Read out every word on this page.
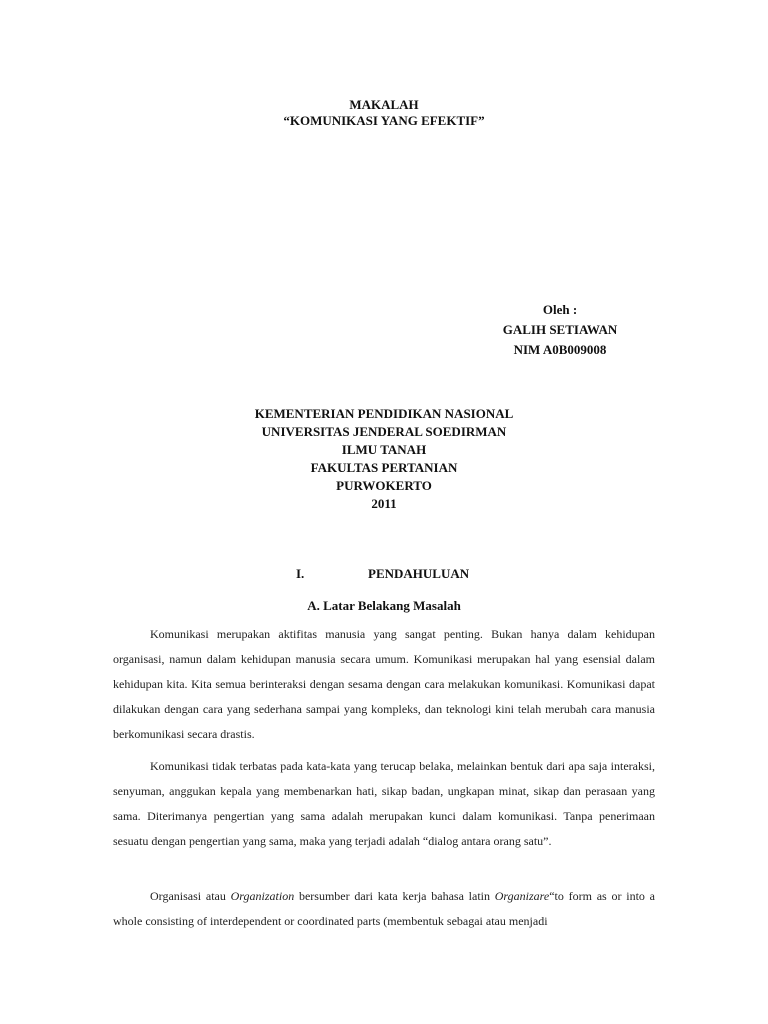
MAKALAH
“KOMUNIKASI YANG EFEKTIF”
Oleh :
GALIH SETIAWAN
NIM A0B009008
KEMENTERIAN PENDIDIKAN NASIONAL
UNIVERSITAS JENDERAL SOEDIRMAN
ILMU TANAH
FAKULTAS PERTANIAN
PURWOKERTO
2011
I.	PENDAHULUAN
A. Latar Belakang Masalah

Komunikasi merupakan aktifitas manusia yang sangat penting. Bukan hanya dalam kehidupan organisasi, namun dalam kehidupan manusia secara umum. Komunikasi merupakan hal yang esensial dalam kehidupan kita. Kita semua berinteraksi dengan sesama dengan cara melakukan komunikasi. Komunikasi dapat dilakukan dengan cara yang sederhana sampai yang kompleks, dan teknologi kini telah merubah cara manusia berkomunikasi secara drastis.

Komunikasi tidak terbatas pada kata-kata yang terucap belaka, melainkan bentuk dari apa saja interaksi, senyuman, anggukan kepala yang membenarkan hati, sikap badan, ungkapan minat, sikap dan perasaan yang sama. Diterimanya pengertian yang sama adalah merupakan kunci dalam komunikasi. Tanpa penerimaan sesuatu dengan pengertian yang sama, maka yang terjadi adalah “dialog antara orang satu”.

Organisasi atau Organization bersumber dari kata kerja bahasa latin Organizare“to form as or into a whole consisting of interdependent or coordinated parts (membentuk sebagai atau menjadi
